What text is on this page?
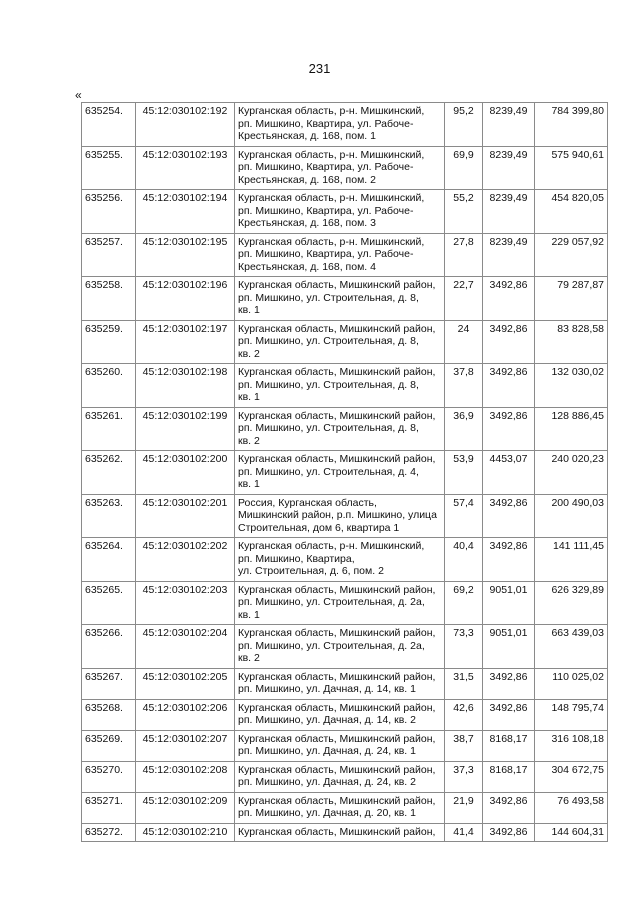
231
«
635254.	45:12:030102:192	Курганская область, р-н. Мишкинский,
рп. Мишкино, Квартира, ул. Рабоче-
Крестьянская, д. 168, пом. 1	95,2	8239,49	784 399,80
635255.	45:12:030102:193	Курганская область, р-н. Мишкинский,
рп. Мишкино, Квартира, ул. Рабоче-
Крестьянская, д. 168, пом. 2	69,9	8239,49	575 940,61
635256.	45:12:030102:194	Курганская область, р-н. Мишкинский,
рп. Мишкино, Квартира, ул. Рабоче-
Крестьянская, д. 168, пом. 3	55,2	8239,49	454 820,05
635257.	45:12:030102:195	Курганская область, р-н. Мишкинский,
рп. Мишкино, Квартира, ул. Рабоче-
Крестьянская, д. 168, пом. 4	27,8	8239,49	229 057,92
635258.	45:12:030102:196	Курганская область, Мишкинский район,
рп. Мишкино, ул. Строительная, д. 8,
кв. 1	22,7	3492,86	79 287,87
635259.	45:12:030102:197	Курганская область, Мишкинский район,
рп. Мишкино, ул. Строительная, д. 8,
кв. 2	24	3492,86	83 828,58
635260.	45:12:030102:198	Курганская область, Мишкинский район,
рп. Мишкино, ул. Строительная, д. 8,
кв. 1	37,8	3492,86	132 030,02
635261.	45:12:030102:199	Курганская область, Мишкинский район,
рп. Мишкино, ул. Строительная, д. 8,
кв. 2	36,9	3492,86	128 886,45
635262.	45:12:030102:200	Курганская область, Мишкинский район,
рп. Мишкино, ул. Строительная, д. 4,
кв. 1	53,9	4453,07	240 020,23
635263.	45:12:030102:201	Россия, Курганская область,
Мишкинский район, р.п. Мишкино, улица
Строительная, дом 6, квартира 1	57,4	3492,86	200 490,03
635264.	45:12:030102:202	Курганская область, р-н. Мишкинский,
рп. Мишкино, Квартира,
ул. Строительная, д. 6, пом. 2	40,4	3492,86	141 111,45
635265.	45:12:030102:203	Курганская область, Мишкинский район,
рп. Мишкино, ул. Строительная, д. 2а,
кв. 1	69,2	9051,01	626 329,89
635266.	45:12:030102:204	Курганская область, Мишкинский район,
рп. Мишкино, ул. Строительная, д. 2а,
кв. 2	73,3	9051,01	663 439,03
635267.	45:12:030102:205	Курганская область, Мишкинский район,
рп. Мишкино, ул. Дачная, д. 14, кв. 1	31,5	3492,86	110 025,02
635268.	45:12:030102:206	Курганская область, Мишкинский район,
рп. Мишкино, ул. Дачная, д. 14, кв. 2	42,6	3492,86	148 795,74
635269.	45:12:030102:207	Курганская область, Мишкинский район,
рп. Мишкино, ул. Дачная, д. 24, кв. 1	38,7	8168,17	316 108,18
635270.	45:12:030102:208	Курганская область, Мишкинский район,
рп. Мишкино, ул. Дачная, д. 24, кв. 2	37,3	8168,17	304 672,75
635271.	45:12:030102:209	Курганская область, Мишкинский район,
рп. Мишкино, ул. Дачная, д. 20, кв. 1	21,9	3492,86	76 493,58
635272.	45:12:030102:210	Курганская область, Мишкинский район,	41,4	3492,86	144 604,31
